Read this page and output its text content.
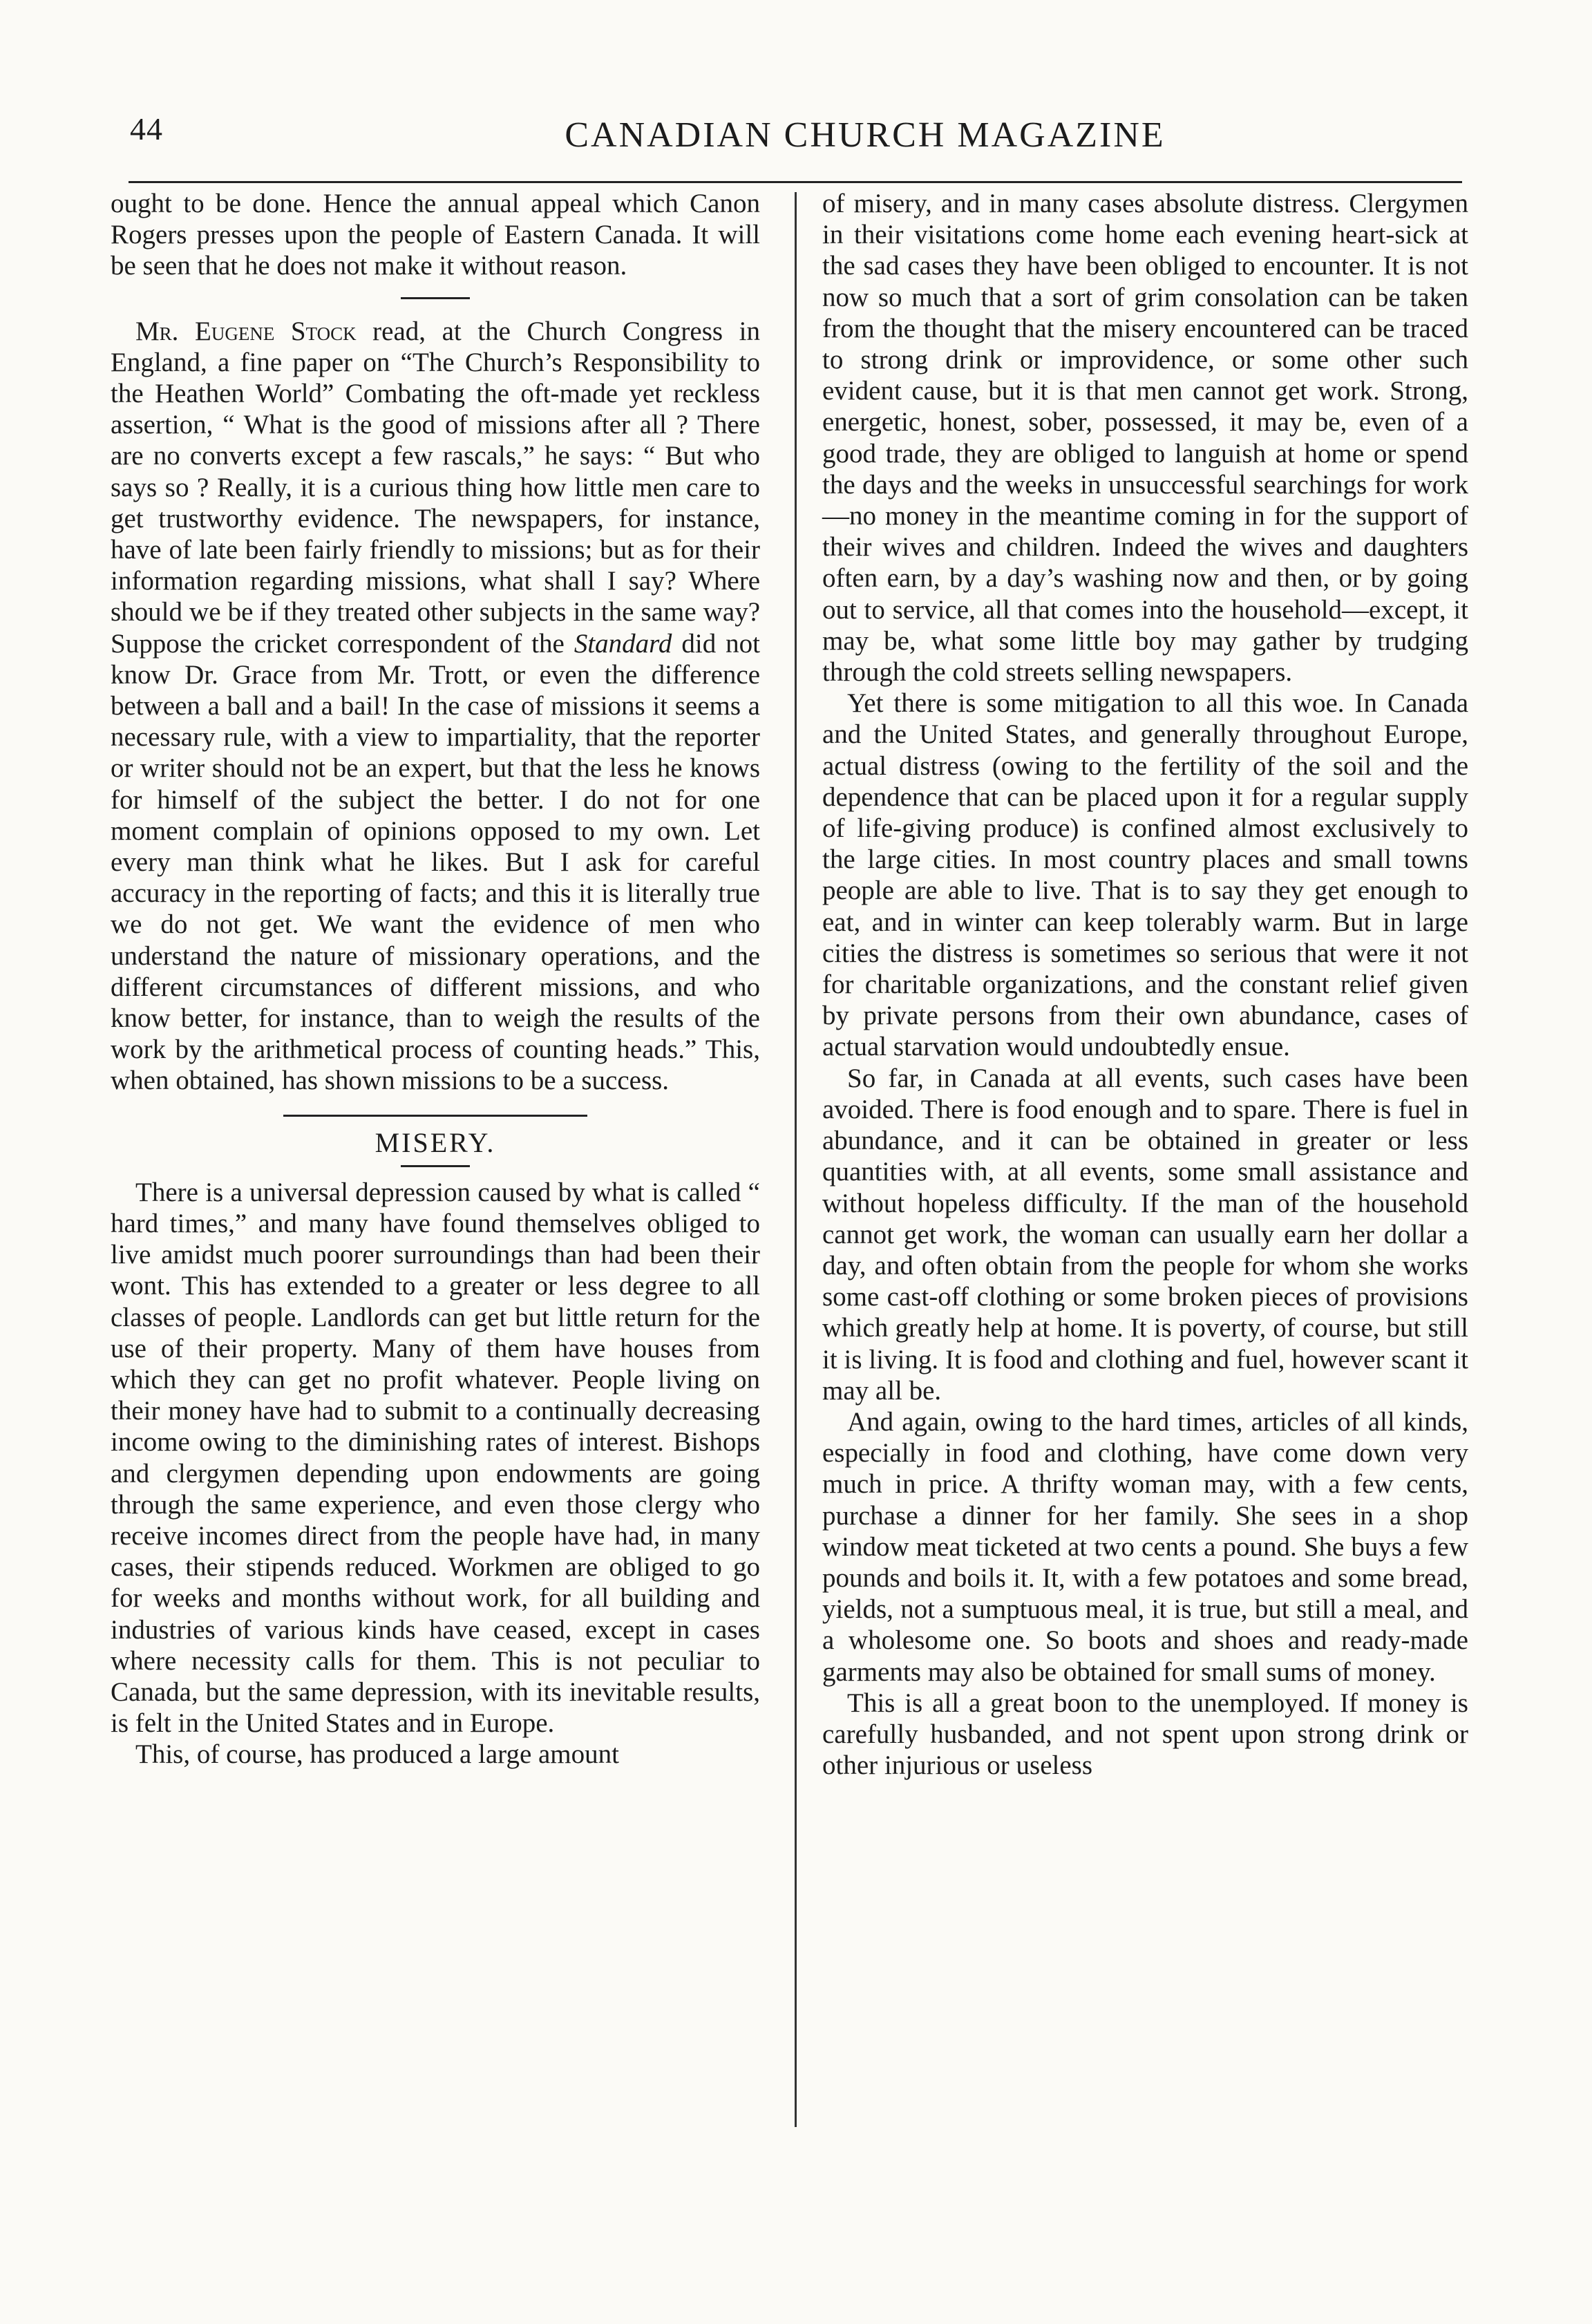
44	CANADIAN CHURCH MAGAZINE

ought to be done. Hence the annual appeal which Canon Rogers presses upon the people of Eastern Canada. It will be seen that he does not make it without reason.

Mr. Eugene Stock read, at the Church Congress in England, a fine paper on “The Church’s Responsibility to the Heathen World” Combating the oft-made yet reckless assertion, “ What is the good of missions after all ? There are no converts except a few rascals,” he says: “ But who says so ? Really, it is a curious thing how little men care to get trustworthy evidence. The newspapers, for instance, have of late been fairly friendly to missions; but as for their information regarding missions, what shall I say? Where should we be if they treated other subjects in the same way? Suppose the cricket correspondent of the Standard did not know Dr. Grace from Mr. Trott, or even the difference between a ball and a bail! In the case of missions it seems a necessary rule, with a view to impartiality, that the reporter or writer should not be an expert, but that the less he knows for himself of the subject the better. I do not for one moment complain of opinions opposed to my own. Let every man think what he likes. But I ask for careful accuracy in the reporting of facts; and this it is literally true we do not get. We want the evidence of men who understand the nature of missionary operations, and the different circumstances of different missions, and who know better, for instance, than to weigh the results of the work by the arithmetical process of counting heads.” This, when obtained, has shown missions to be a success.

MISERY.

There is a universal depression caused by what is called “ hard times,” and many have found themselves obliged to live amidst much poorer surroundings than had been their wont. This has extended to a greater or less degree to all classes of people. Landlords can get but little return for the use of their property. Many of them have houses from which they can get no profit whatever. People living on their money have had to submit to a continually decreasing income owing to the diminishing rates of interest. Bishops and clergymen depending upon endowments are going through the same experience, and even those clergy who receive incomes direct from the people have had, in many cases, their stipends reduced. Workmen are obliged to go for weeks and months without work, for all building and industries of various kinds have ceased, except in cases where necessity calls for them. This is not peculiar to Canada, but the same depression, with its inevitable results, is felt in the United States and in Europe.

This, of course, has produced a large amount

of misery, and in many cases absolute distress. Clergymen in their visitations come home each evening heart-sick at the sad cases they have been obliged to encounter. It is not now so much that a sort of grim consolation can be taken from the thought that the misery encountered can be traced to strong drink or improvidence, or some other such evident cause, but it is that men cannot get work. Strong, energetic, honest, sober, possessed, it may be, even of a good trade, they are obliged to languish at home or spend the days and the weeks in unsuccessful searchings for work—no money in the meantime coming in for the support of their wives and children. Indeed the wives and daughters often earn, by a day’s washing now and then, or by going out to service, all that comes into the household—except, it may be, what some little boy may gather by trudging through the cold streets selling newspapers.

Yet there is some mitigation to all this woe. In Canada and the United States, and generally throughout Europe, actual distress (owing to the fertility of the soil and the dependence that can be placed upon it for a regular supply of life-giving produce) is confined almost exclusively to the large cities. In most country places and small towns people are able to live. That is to say they get enough to eat, and in winter can keep tolerably warm. But in large cities the distress is sometimes so serious that were it not for charitable organizations, and the constant relief given by private persons from their own abundance, cases of actual starvation would undoubtedly ensue.

So far, in Canada at all events, such cases have been avoided. There is food enough and to spare. There is fuel in abundance, and it can be obtained in greater or less quantities with, at all events, some small assistance and without hopeless difficulty. If the man of the household cannot get work, the woman can usually earn her dollar a day, and often obtain from the people for whom she works some cast-off clothing or some broken pieces of provisions which greatly help at home. It is poverty, of course, but still it is living. It is food and clothing and fuel, however scant it may all be.

And again, owing to the hard times, articles of all kinds, especially in food and clothing, have come down very much in price. A thrifty woman may, with a few cents, purchase a dinner for her family. She sees in a shop window meat ticketed at two cents a pound. She buys a few pounds and boils it. It, with a few potatoes and some bread, yields, not a sumptuous meal, it is true, but still a meal, and a wholesome one. So boots and shoes and ready-made garments may also be obtained for small sums of money.

This is all a great boon to the unemployed. If money is carefully husbanded, and not spent upon strong drink or other injurious or useless
